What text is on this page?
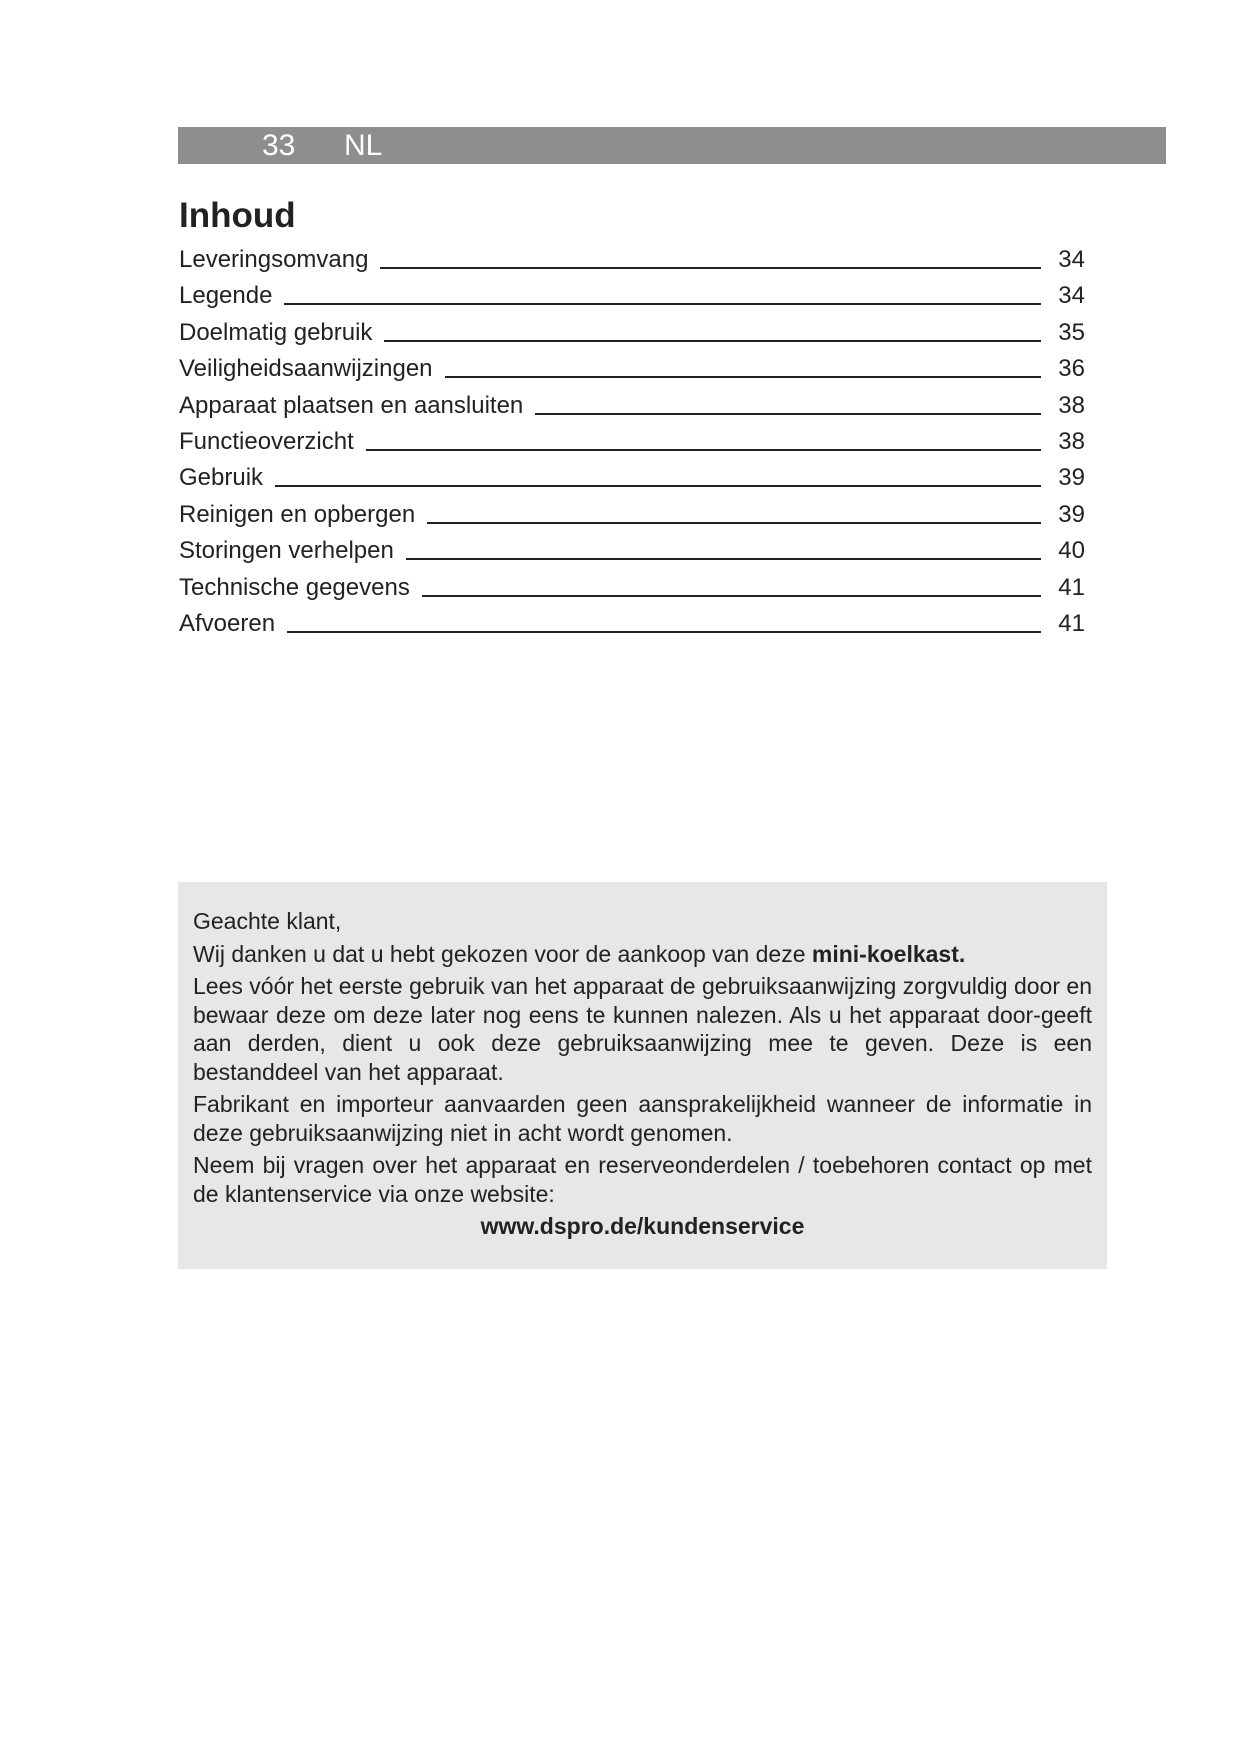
33 NL
Inhoud
Leveringsomvang	34
Legende	34
Doelmatig gebruik	35
Veiligheidsaanwijzingen	36
Apparaat plaatsen en aansluiten	38
Functieoverzicht	38
Gebruik	39
Reinigen en opbergen	39
Storingen verhelpen	40
Technische gegevens	41
Afvoeren	41

Geachte klant,

Wij danken u dat u hebt gekozen voor de aankoop van deze mini-koelkast.

Lees vóór het eerste gebruik van het apparaat de gebruiksaanwijzing zorgvuldig door en bewaar deze om deze later nog eens te kunnen nalezen. Als u het apparaat door-geeft aan derden, dient u ook deze gebruiksaanwijzing mee te geven. Deze is een bestanddeel van het apparaat.

Fabrikant en importeur aanvaarden geen aansprakelijkheid wanneer de informatie in deze gebruiksaanwijzing niet in acht wordt genomen.

Neem bij vragen over het apparaat en reserveonderdelen / toebehoren contact op met de klantenservice via onze website:

www.dspro.de/kundenservice
